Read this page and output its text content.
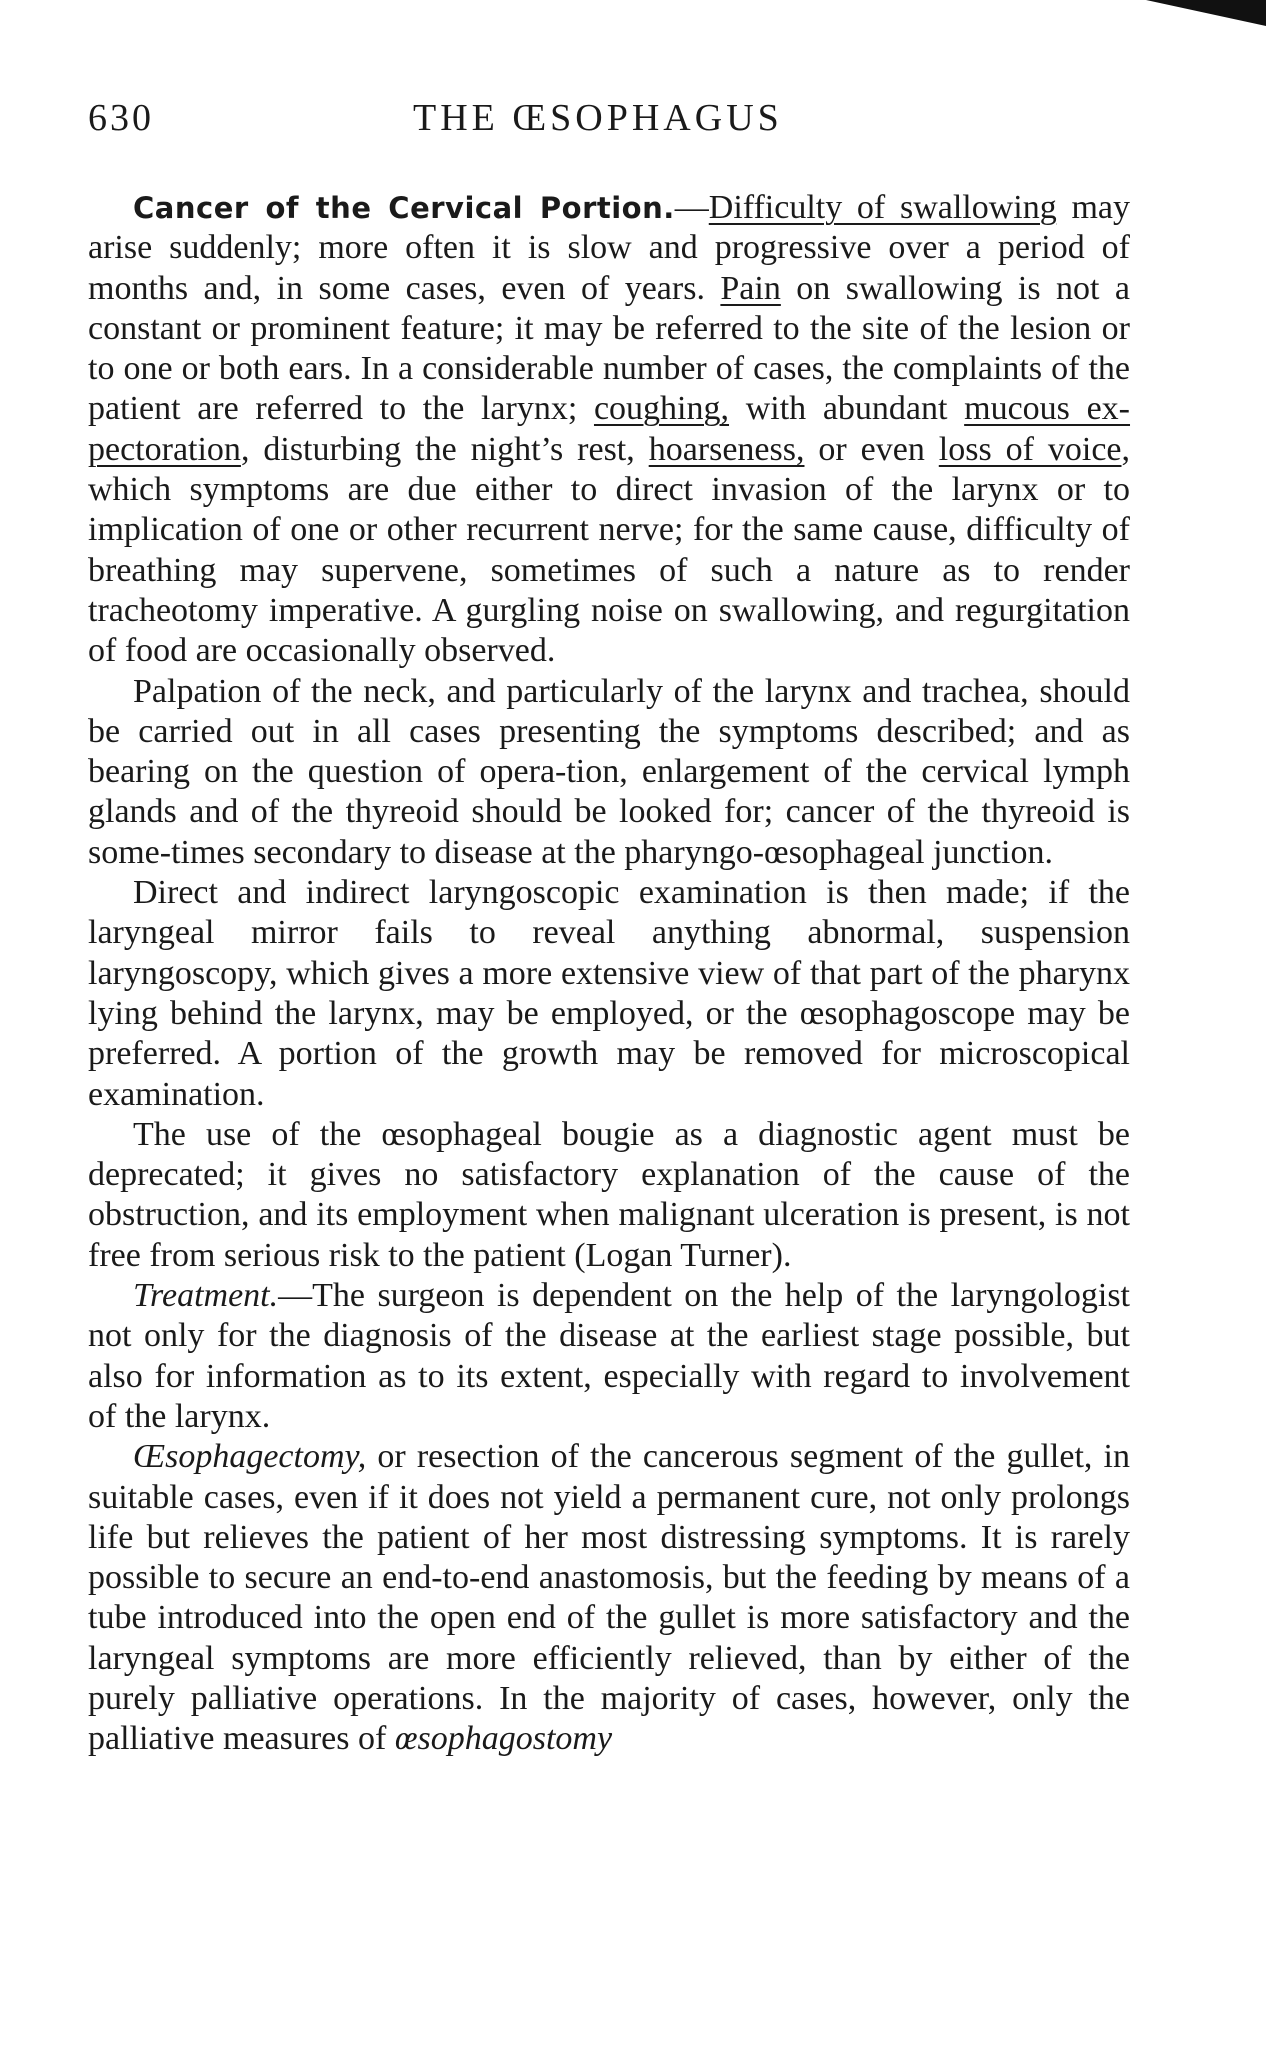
630	THE ŒSOPHAGUS

Cancer of the Cervical Portion.—Difficulty of swallowing may arise suddenly; more often it is slow and progressive over a period of months and, in some cases, even of years. Pain on swallowing is not a constant or prominent feature; it may be referred to the site of the lesion or to one or both ears. In a considerable number of cases, the complaints of the patient are referred to the larynx; coughing, with abundant mucous ex-pectoration, disturbing the night’s rest, hoarseness, or even loss of voice, which symptoms are due either to direct invasion of the larynx or to implication of one or other recurrent nerve; for the same cause, difficulty of breathing may supervene, sometimes of such a nature as to render tracheotomy imperative. A gurgling noise on swallowing, and regurgitation of food are occasionally observed.

Palpation of the neck, and particularly of the larynx and trachea, should be carried out in all cases presenting the symptoms described; and as bearing on the question of opera-tion, enlargement of the cervical lymph glands and of the thyreoid should be looked for; cancer of the thyreoid is some-times secondary to disease at the pharyngo-œsophageal junction.

Direct and indirect laryngoscopic examination is then made; if the laryngeal mirror fails to reveal anything abnormal, suspension laryngoscopy, which gives a more extensive view of that part of the pharynx lying behind the larynx, may be employed, or the œsophagoscope may be preferred. A portion of the growth may be removed for microscopical examination.

The use of the œsophageal bougie as a diagnostic agent must be deprecated; it gives no satisfactory explanation of the cause of the obstruction, and its employment when malignant ulceration is present, is not free from serious risk to the patient (Logan Turner).

Treatment.—The surgeon is dependent on the help of the laryngologist not only for the diagnosis of the disease at the earliest stage possible, but also for information as to its extent, especially with regard to involvement of the larynx.

Œsophagectomy, or resection of the cancerous segment of the gullet, in suitable cases, even if it does not yield a permanent cure, not only prolongs life but relieves the patient of her most distressing symptoms. It is rarely possible to secure an end-to-end anastomosis, but the feeding by means of a tube introduced into the open end of the gullet is more satisfactory and the laryngeal symptoms are more efficiently relieved, than by either of the purely palliative operations. In the majority of cases, however, only the palliative measures of œsophagostomy
